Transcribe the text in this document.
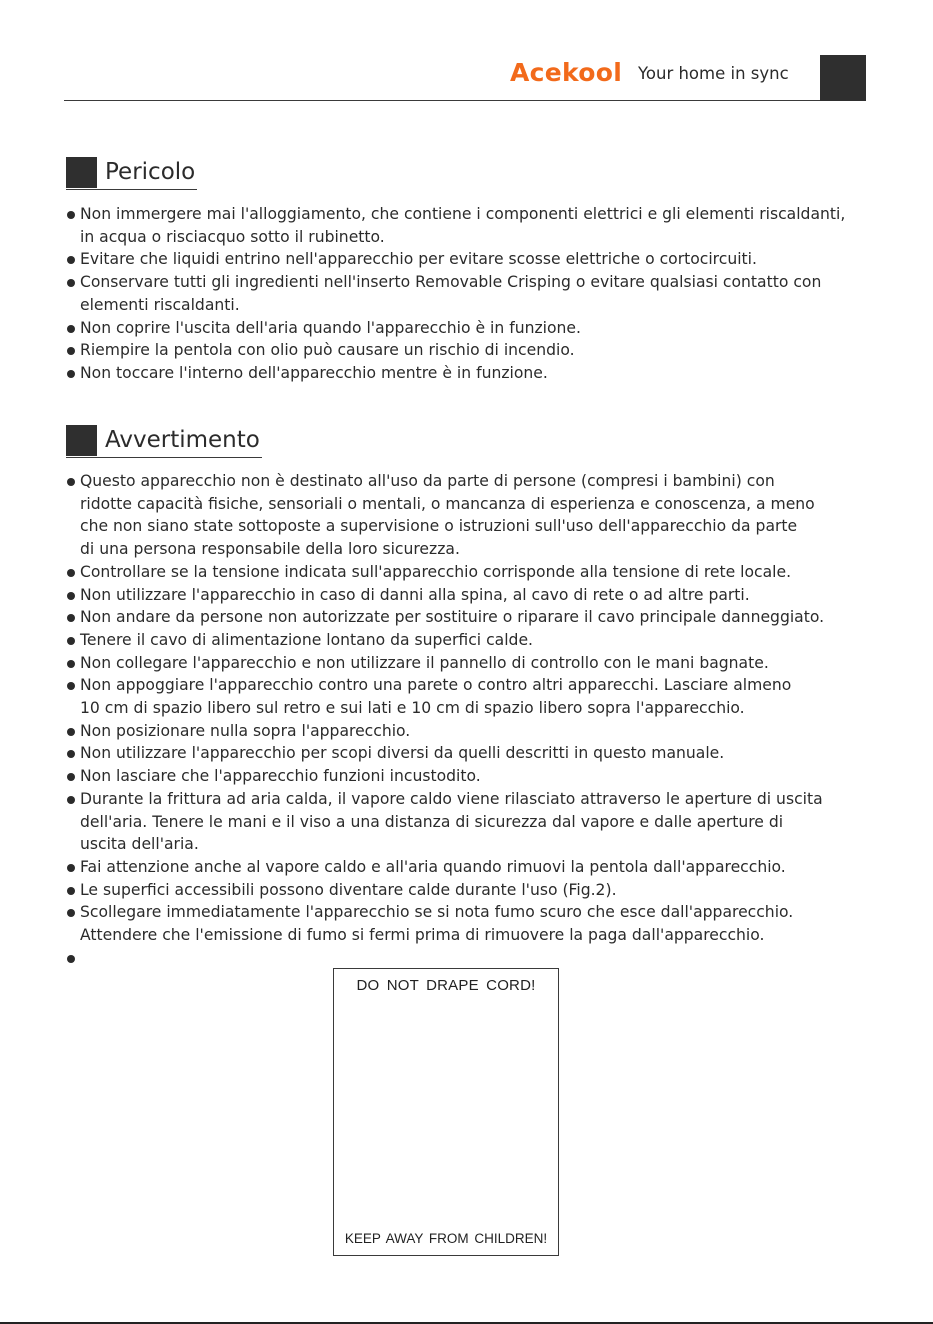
Acekool Your home in sync
Pericolo
Non immergere mai l'alloggiamento, che contiene i componenti elettrici e gli elementi riscaldanti,
in acqua o risciacquo sotto il rubinetto.
Evitare che liquidi entrino nell'apparecchio per evitare scosse elettriche o cortocircuiti.
Conservare tutti gli ingredienti nell'inserto Removable Crisping o evitare qualsiasi contatto con
elementi riscaldanti.
Non coprire l'uscita dell'aria quando l'apparecchio è in funzione.
Riempire la pentola con olio può causare un rischio di incendio.
Non toccare l'interno dell'apparecchio mentre è in funzione.
Avvertimento
Questo apparecchio non è destinato all'uso da parte di persone (compresi i bambini) con
ridotte capacità fisiche, sensoriali o mentali, o mancanza di esperienza e conoscenza, a meno
che non siano state sottoposte a supervisione o istruzioni sull'uso dell'apparecchio da parte
di una persona responsabile della loro sicurezza.
Controllare se la tensione indicata sull'apparecchio corrisponde alla tensione di rete locale.
Non utilizzare l'apparecchio in caso di danni alla spina, al cavo di rete o ad altre parti.
Non andare da persone non autorizzate per sostituire o riparare il cavo principale danneggiato.
Tenere il cavo di alimentazione lontano da superfici calde.
Non collegare l'apparecchio e non utilizzare il pannello di controllo con le mani bagnate.
Non appoggiare l'apparecchio contro una parete o contro altri apparecchi. Lasciare almeno
10 cm di spazio libero sul retro e sui lati e 10 cm di spazio libero sopra l'apparecchio.
Non posizionare nulla sopra l'apparecchio.
Non utilizzare l'apparecchio per scopi diversi da quelli descritti in questo manuale.
Non lasciare che l'apparecchio funzioni incustodito.
Durante la frittura ad aria calda, il vapore caldo viene rilasciato attraverso le aperture di uscita
dell'aria. Tenere le mani e il viso a una distanza di sicurezza dal vapore e dalle aperture di
uscita dell'aria.
Fai attenzione anche al vapore caldo e all'aria quando rimuovi la pentola dall'apparecchio.
Le superfici accessibili possono diventare calde durante l'uso (Fig.2).
Scollegare immediatamente l'apparecchio se si nota fumo scuro che esce dall'apparecchio.
Attendere che l'emissione di fumo si fermi prima di rimuovere la paga dall'apparecchio.
DO NOT DRAPE CORD!
KEEP AWAY FROM CHILDREN!
